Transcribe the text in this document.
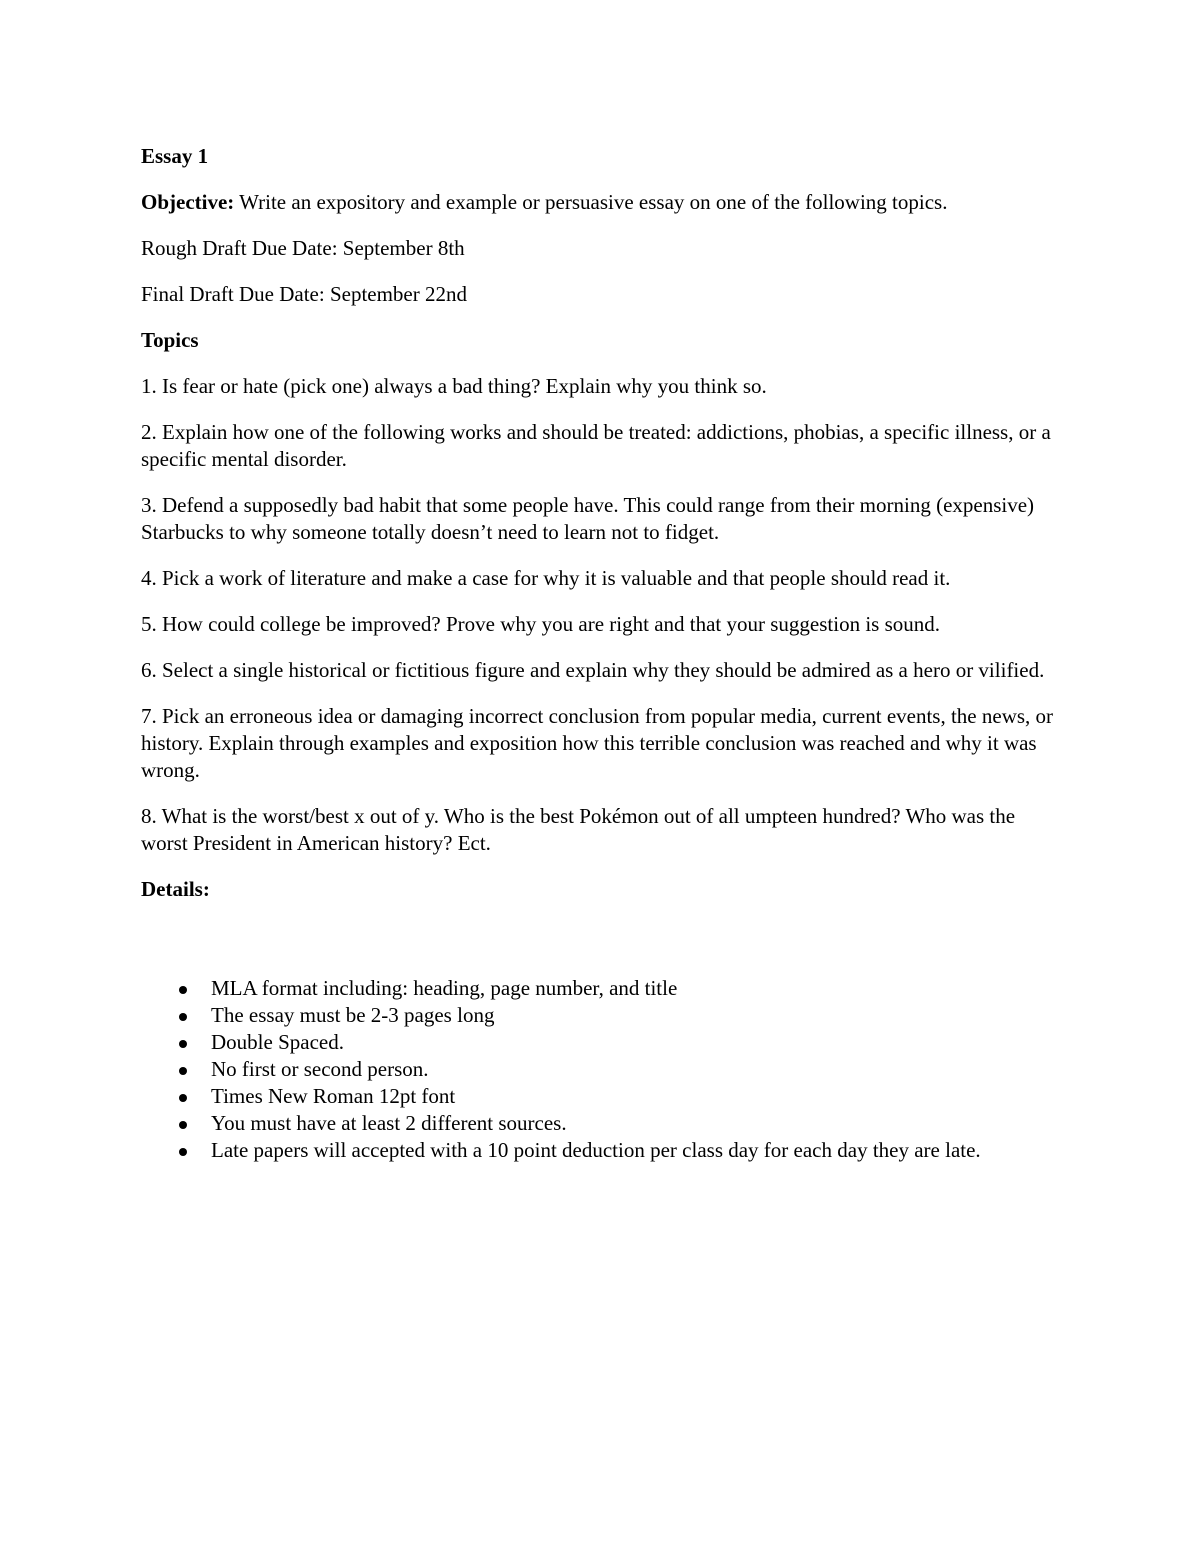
Essay 1

Objective: Write an expository and example or persuasive essay on one of the following topics.

Rough Draft Due Date: September 8th

Final Draft Due Date: September 22nd

Topics

1. Is fear or hate (pick one) always a bad thing? Explain why you think so.

2. Explain how one of the following works and should be treated: addictions, phobias, a specific illness, or a specific mental disorder.

3. Defend a supposedly bad habit that some people have. This could range from their morning (expensive) Starbucks to why someone totally doesn’t need to learn not to fidget.

4. Pick a work of literature and make a case for why it is valuable and that people should read it.

5. How could college be improved? Prove why you are right and that your suggestion is sound.

6. Select a single historical or fictitious figure and explain why they should be admired as a hero or vilified.

7. Pick an erroneous idea or damaging incorrect conclusion from popular media, current events, the news, or history. Explain through examples and exposition how this terrible conclusion was reached and why it was wrong.

8. What is the worst/best x out of y. Who is the best Pokémon out of all umpteen hundred? Who was the worst President in American history? Ect.

Details:

MLA format including: heading, page number, and title
The essay must be 2-3 pages long
Double Spaced.
No first or second person.
Times New Roman 12pt font
You must have at least 2 different sources.
Late papers will accepted with a 10 point deduction per class day for each day they are late.
